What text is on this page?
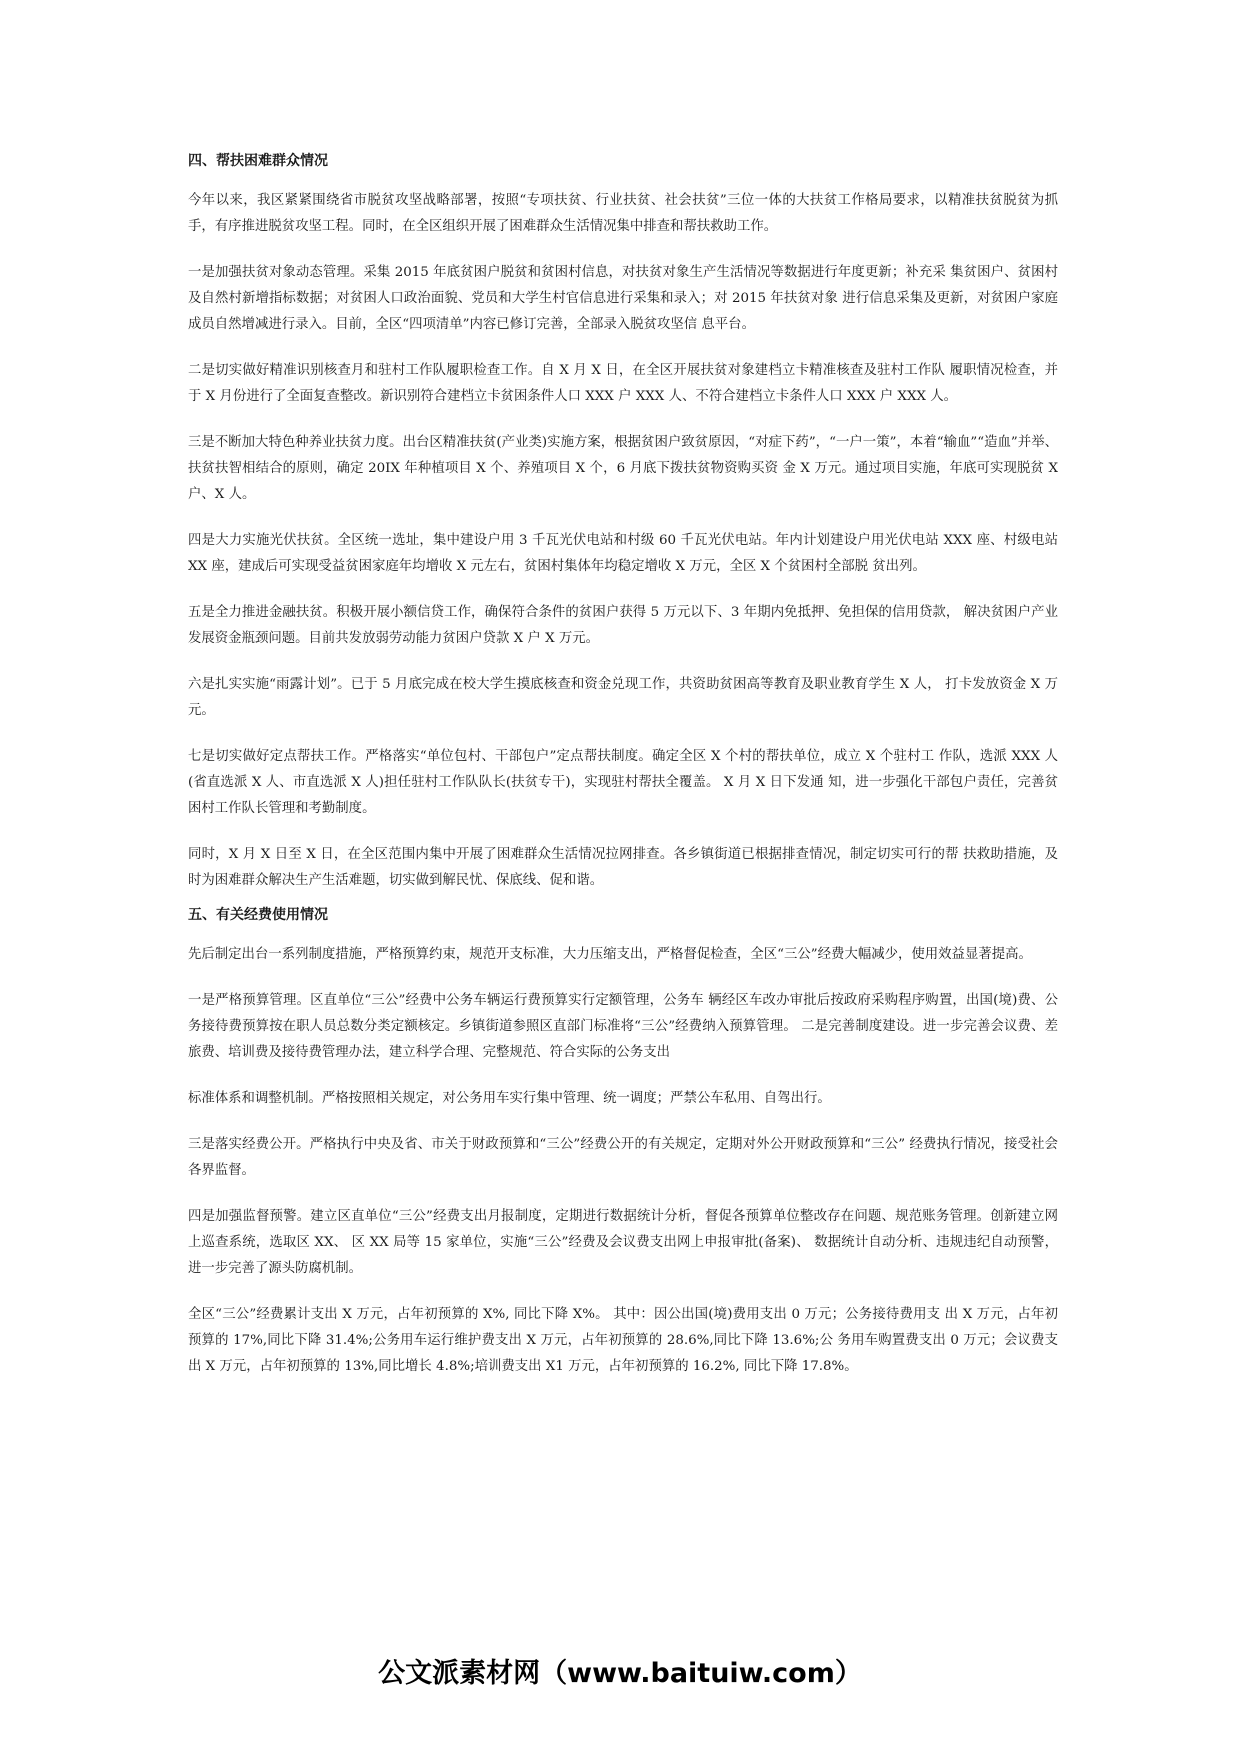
四、帮扶困难群众情况

今年以来，我区紧紧围绕省市脱贫攻坚战略部署，按照“专项扶贫、行业扶贫、社会扶贫”三位一体的大扶贫工作格局要求，以精准扶贫脱贫为抓手，有序推进脱贫攻坚工程。同时，在全区组织开展了困难群众生活情况集中排查和帮扶救助工作。

一是加强扶贫对象动态管理。采集 2015 年底贫困户脱贫和贫困村信息，对扶贫对象生产生活情况等数据进行年度更新；补充采 集贫困户、贫困村及自然村新增指标数据；对贫困人口政治面貌、党员和大学生村官信息进行采集和录入；对 2015 年扶贫对象 进行信息采集及更新，对贫困户家庭成员自然增减进行录入。目前，全区“四项清单”内容已修订完善，全部录入脱贫攻坚信 息平台。

二是切实做好精准识别核查月和驻村工作队履职检查工作。自 X 月 X 日，在全区开展扶贫对象建档立卡精准核查及驻村工作队 履职情况检查，并于 X 月份进行了全面复查整改。新识别符合建档立卡贫困条件人口 XXX 户 XXX 人、不符合建档立卡条件人口 XXX 户 XXX 人。

三是不断加大特色种养业扶贫力度。出台区精准扶贫(产业类)实施方案，根据贫困户致贫原因，“对症下药”，“一户一策”，本着“输血”“造血”并举、扶贫扶智相结合的原则，确定 20IX 年种植项目 X 个、养殖项目 X 个，6 月底下拨扶贫物资购买资 金 X 万元。通过项目实施，年底可实现脱贫 X 户、X 人。

四是大力实施光伏扶贫。全区统一选址，集中建设户用 3 千瓦光伏电站和村级 60 千瓦光伏电站。年内计划建设户用光伏电站 XXX 座、村级电站 XX 座，建成后可实现受益贫困家庭年均增收 X 元左右，贫困村集体年均稳定增收 X 万元，全区 X 个贫困村全部脱 贫出列。

五是全力推进金融扶贫。积极开展小额信贷工作，确保符合条件的贫困户获得 5 万元以下、3 年期内免抵押、免担保的信用贷款， 解决贫困户产业发展资金瓶颈问题。目前共发放弱劳动能力贫困户贷款 X 户 X 万元。

六是扎实实施“雨露计划”。已于 5 月底完成在校大学生摸底核查和资金兑现工作，共资助贫困高等教育及职业教育学生 X 人， 打卡发放资金 X 万元。

七是切实做好定点帮扶工作。严格落实“单位包村、干部包户”定点帮扶制度。确定全区 X 个村的帮扶单位，成立 X 个驻村工 作队，选派 XXX 人(省直选派 X 人、市直选派 X 人)担任驻村工作队队长(扶贫专干)，实现驻村帮扶全覆盖。 X 月 X 日下发通 知，进一步强化干部包户责任，完善贫困村工作队长管理和考勤制度。

同时，X 月 X 日至 X 日，在全区范围内集中开展了困难群众生活情况拉网排查。各乡镇街道已根据排查情况，制定切实可行的帮 扶救助措施，及时为困难群众解决生产生活难题，切实做到解民忧、保底线、促和谐。

五、有关经费使用情况

先后制定出台一系列制度措施，严格预算约束，规范开支标准，大力压缩支出，严格督促检查，全区“三公”经费大幅减少，使用效益显著提高。

一是严格预算管理。区直单位“三公”经费中公务车辆运行费预算实行定额管理，公务车 辆经区车改办审批后按政府采购程序购置，出国(境)费、公务接待费预算按在职人员总数分类定额核定。乡镇街道参照区直部门标准将“三公”经费纳入预算管理。 二是完善制度建设。进一步完善会议费、差旅费、培训费及接待费管理办法，建立科学合理、完整规范、符合实际的公务支出

标准体系和调整机制。严格按照相关规定，对公务用车实行集中管理、统一调度；严禁公车私用、自驾出行。

三是落实经费公开。严格执行中央及省、市关于财政预算和“三公”经费公开的有关规定，定期对外公开财政预算和“三公” 经费执行情况，接受社会各界监督。

四是加强监督预警。建立区直单位“三公”经费支出月报制度，定期进行数据统计分析，督促各预算单位整改存在问题、规范账务管理。创新建立网上巡查系统，选取区 XX、 区 XX 局等 15 家单位，实施“三公”经费及会议费支出网上申报审批(备案)、 数据统计自动分析、违规违纪自动预警，进一步完善了源头防腐机制。

全区“三公”经费累计支出 X 万元，占年初预算的 X%, 同比下降 X%。 其中：因公出国(境)费用支出 0 万元；公务接待费用支 出 X 万元，占年初预算的 17%,同比下降 31.4%;公务用车运行维护费支出 X 万元，占年初预算的 28.6%,同比下降 13.6%;公 务用车购置费支出 0 万元；会议费支出 X 万元，占年初预算的 13%,同比增长 4.8%;培训费支出 X1 万元，占年初预算的 16.2%, 同比下降 17.8%。

公文派素材网（www.baituiw.com）
